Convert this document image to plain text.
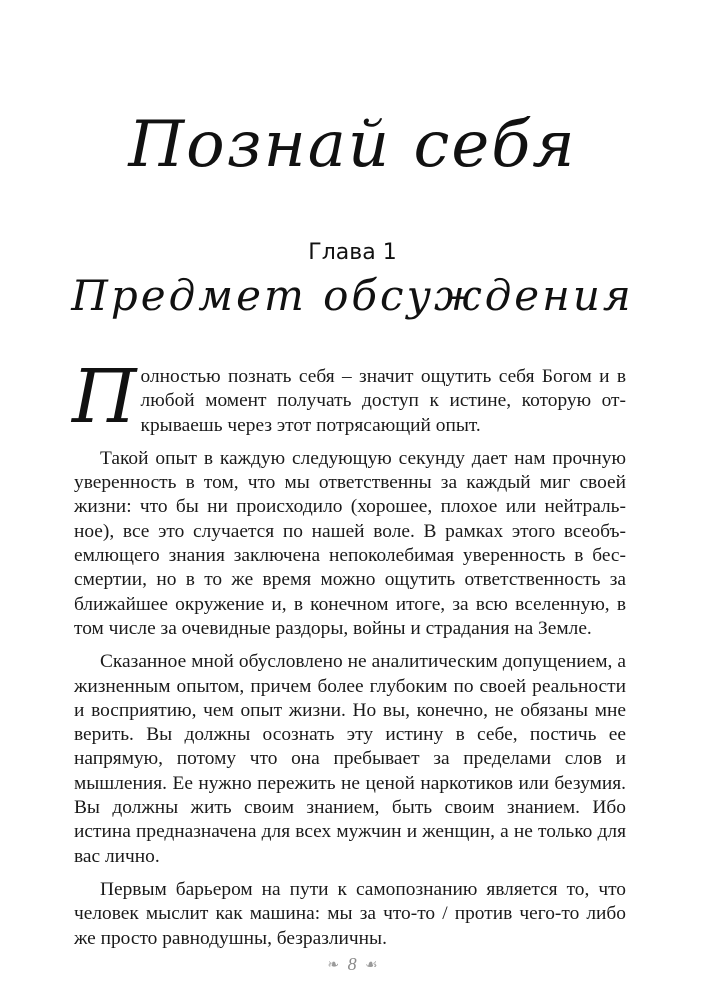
Познай себя
Глава 1
Предмет обсуждения

П олностью познать себя – значит ощутить себя Богом и в любой момент получать доступ к истине, которую открываешь через этот потрясающий опыт.

Такой опыт в каждую следующую секунду дает нам прочную уверенность в том, что мы ответственны за каждый миг своей жизни: что бы ни происходило (хорошее, плохое или нейтральное), все это случается по нашей воле. В рамках этого всеобъемлющего знания заключена непоколебимая уверенность в бессмертии, но в то же время можно ощутить ответственность за ближайшее окружение и, в конечном итоге, за всю вселенную, в том числе за очевидные раздоры, войны и страдания на Земле.

Сказанное мной обусловлено не аналитическим допущением, а жизненным опытом, причем более глубоким по своей реальности и восприятию, чем опыт жизни. Но вы, конечно, не обязаны мне верить. Вы должны осознать эту истину в себе, постичь ее напрямую, потому что она пребывает за пределами слов и мышления. Ее нужно пережить не ценой наркотиков или безумия. Вы должны жить своим знанием, быть своим знанием. Ибо истина предназначена для всех мужчин и женщин, а не только для вас лично.

Первым барьером на пути к самопознанию является то, что человек мыслит как машина: мы за что-то / против чего-то либо же просто равнодушны, безразличны.

❧ 8 ☙
